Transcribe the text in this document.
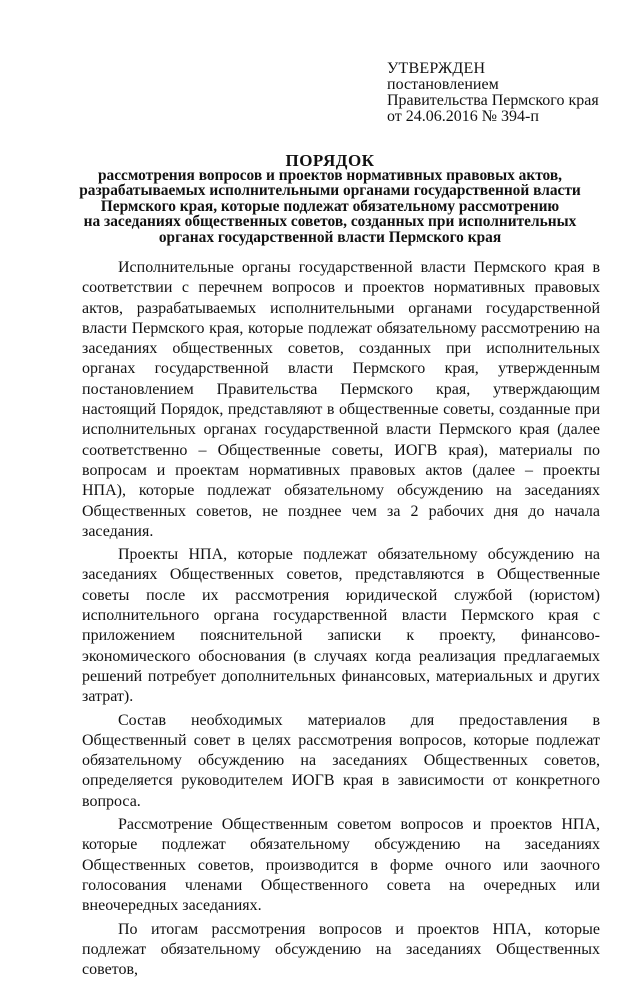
УТВЕРЖДЕН
постановлением
Правительства Пермского края
от 24.06.2016 № 394-п
ПОРЯДОК
рассмотрения вопросов и проектов нормативных правовых актов,
разрабатываемых исполнительными органами государственной власти
Пермского края, которые подлежат обязательному рассмотрению
на заседаниях общественных советов, созданных при исполнительных
органах государственной власти Пермского края

Исполнительные органы государственной власти Пермского края в соответствии с перечнем вопросов и проектов нормативных правовых актов, разрабатываемых исполнительными органами государственной власти Пермского края, которые подлежат обязательному рассмотрению на заседаниях общественных советов, созданных при исполнительных органах государственной власти Пермского края, утвержденным постановлением Правительства Пермского края, утверждающим настоящий Порядок, представляют в общественные советы, созданные при исполнительных органах государственной власти Пермского края (далее соответственно – Общественные советы, ИОГВ края), материалы по вопросам и проектам нормативных правовых актов (далее – проекты НПА), которые подлежат обязательному обсуждению на заседаниях Общественных советов, не позднее чем за 2 рабочих дня до начала заседания.

Проекты НПА, которые подлежат обязательному обсуждению на заседаниях Общественных советов, представляются в Общественные советы после их рассмотрения юридической службой (юристом) исполнительного органа государственной власти Пермского края с приложением пояснительной записки к проекту, финансово-экономического обоснования (в случаях когда реализация предлагаемых решений потребует дополнительных финансовых, материальных и других затрат).

Состав необходимых материалов для предоставления в Общественный совет в целях рассмотрения вопросов, которые подлежат обязательному обсуждению на заседаниях Общественных советов, определяется руководителем ИОГВ края в зависимости от конкретного вопроса.

Рассмотрение Общественным советом вопросов и проектов НПА, которые подлежат обязательному обсуждению на заседаниях Общественных советов, производится в форме очного или заочного голосования членами Общественного совета на очередных или внеочередных заседаниях.

По итогам рассмотрения вопросов и проектов НПА, которые подлежат обязательному обсуждению на заседаниях Общественных советов,
